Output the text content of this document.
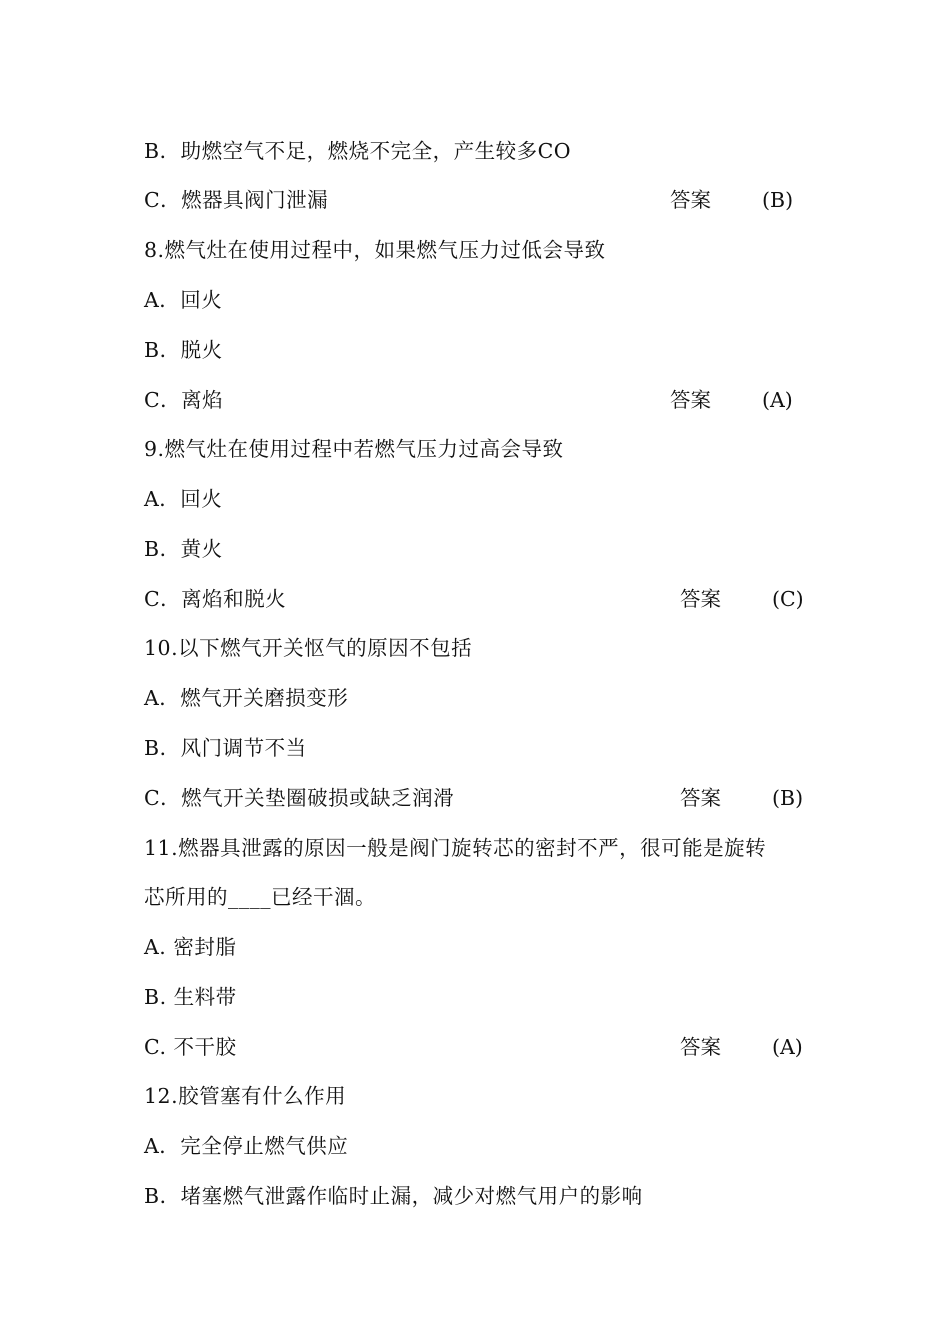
B．助燃空气不足，燃烧不完全，产生较多CO
C．燃器具阀门泄漏	答案 (B)
8.燃气灶在使用过程中，如果燃气压力过低会导致
A．回火
B．脱火
C．离焰	答案 (A)
9.燃气灶在使用过程中若燃气压力过高会导致
A．回火
B．黄火
C．离焰和脱火	答案 (C)
10.以下燃气开关怄气的原因不包括
A．燃气开关磨损变形
B．风门调节不当
C．燃气开关垫圈破损或缺乏润滑	答案 (B)
11.燃器具泄露的原因一般是阀门旋转芯的密封不严，很可能是旋转
芯所用的____已经干涸。
A. 密封脂
B. 生料带
C. 不干胶	答案 (A)
12.胶管塞有什么作用
A．完全停止燃气供应
B．堵塞燃气泄露作临时止漏，减少对燃气用户的影响
